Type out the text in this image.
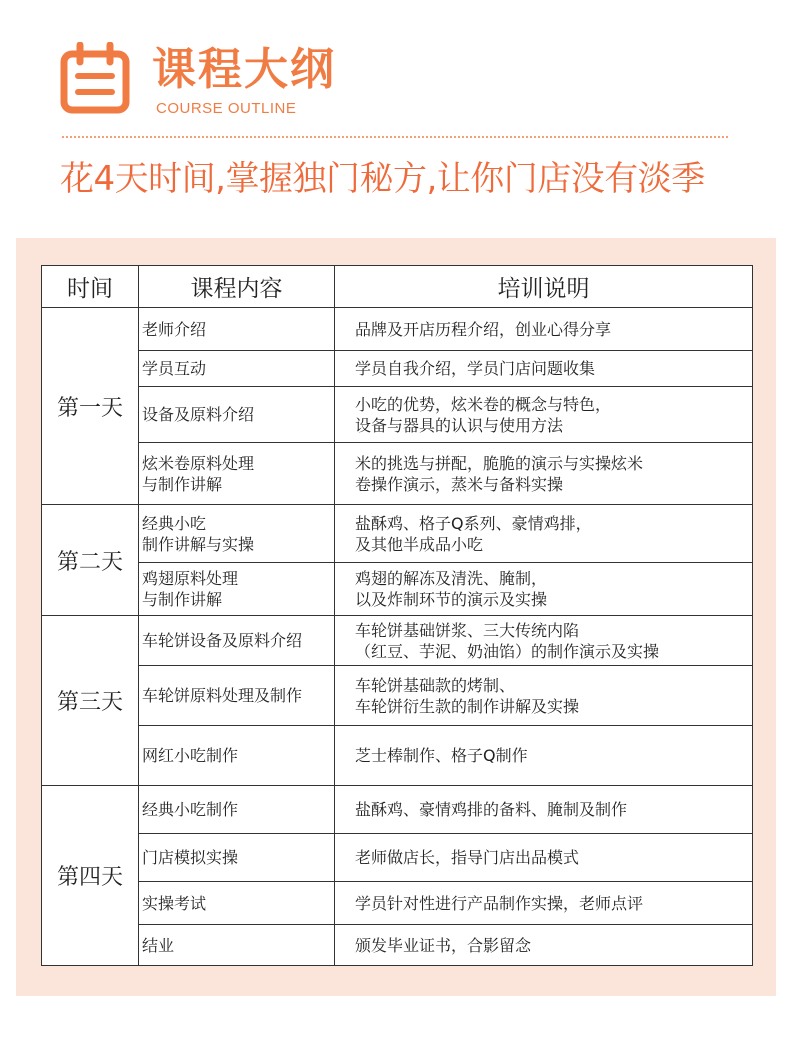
课程大纲
COURSE OUTLINE
花4天时间,掌握独门秘方,让你门店没有淡季
时间	课程内容	培训说明
第一天	老师介绍	品牌及开店历程介绍，创业心得分享
	学员互动	学员自我介绍，学员门店问题收集
	设备及原料介绍	小吃的优势，炫米卷的概念与特色，
设备与器具的认识与使用方法
	炫米卷原料处理
与制作讲解	米的挑选与拼配，脆脆的演示与实操炫米
卷操作演示，蒸米与备料实操
第二天	经典小吃
制作讲解与实操	盐酥鸡、格子Q系列、豪情鸡排，
及其他半成品小吃
	鸡翅原料处理
与制作讲解	鸡翅的解冻及清洗、腌制，
以及炸制环节的演示及实操
第三天	车轮饼设备及原料介绍	车轮饼基础饼浆、三大传统内陷
（红豆、芋泥、奶油馅）的制作演示及实操
	车轮饼原料处理及制作	车轮饼基础款的烤制、
车轮饼衍生款的制作讲解及实操
	网红小吃制作	芝士棒制作、格子Q制作
第四天	经典小吃制作	盐酥鸡、豪情鸡排的备料、腌制及制作
	门店模拟实操	老师做店长，指导门店出品模式
	实操考试	学员针对性进行产品制作实操，老师点评
	结业	颁发毕业证书，合影留念
